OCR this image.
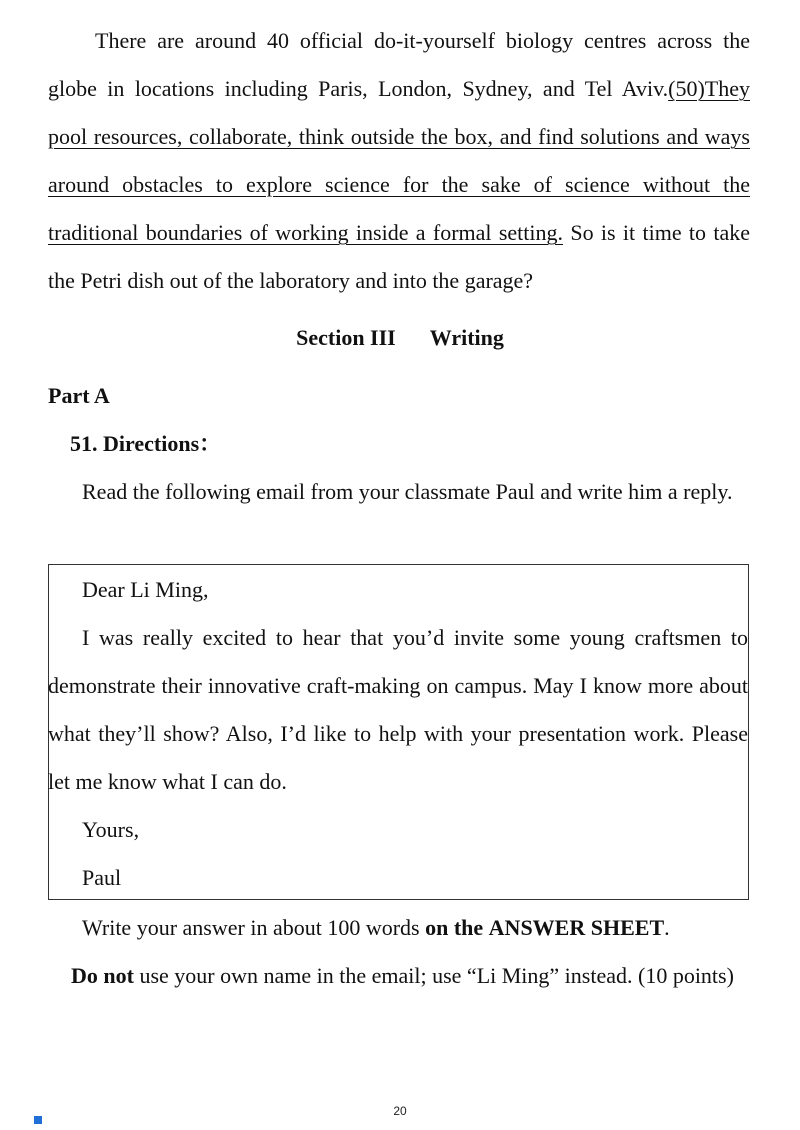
There are around 40 official do-it-yourself biology centres across the globe in locations including Paris, London, Sydney, and Tel Aviv.(50)They pool resources, collaborate, think outside the box, and find solutions and ways around obstacles to explore science for the sake of science without the traditional boundaries of working inside a formal setting. So is it time to take the Petri dish out of the laboratory and into the garage?
Section III Writing
Part A
51. Directions：
Read the following email from your classmate Paul and write him a reply.
Dear Li Ming,
I was really excited to hear that you’d invite some young craftsmen to demonstrate their innovative craft-making on campus. May I know more about what they’ll show? Also, I’d like to help with your presentation work. Please let me know what I can do.
Yours,
Paul
Write your answer in about 100 words on the ANSWER SHEET.
Do not use your own name in the email; use “Li Ming” instead. (10 points)
20
